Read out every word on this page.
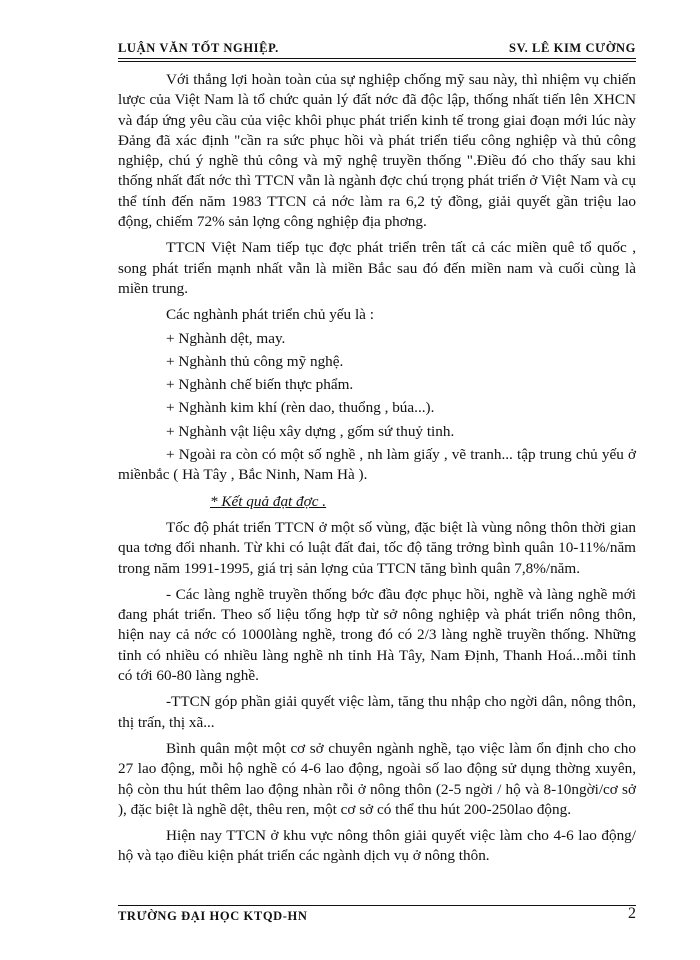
LUẬN VĂN TỐT NGHIỆP.	SV. LÊ KIM CƯỜNG

Với thắng lợi hoàn toàn của sự nghiệp chống mỹ sau này, thì nhiệm vụ chiến lược của Việt Nam là tổ chức quản lý đất nớc đã độc lập, thống nhất tiến lên XHCN và đáp ứng yêu cầu của việc khôi phục phát triển kinh tế trong giai đoạn mới lúc này Đảng đã xác định "cần ra sức phục hồi và phát triển tiểu công nghiệp và thủ công nghiệp, chú ý nghề thủ công và mỹ nghệ truyền thống ".Điều đó cho thấy sau khi thống nhất đất nớc thì TTCN vẫn là ngành đợc chú trọng phát triển ở Việt Nam và cụ thể tính đến năm 1983 TTCN cả nớc làm ra 6,2 tỷ đồng, giải quyết gần triệu lao động, chiếm 72% sản lợng công nghiệp địa phơng.

TTCN Việt Nam tiếp tục đợc phát triển trên tất cả các miền quê tổ quốc , song phát triển mạnh nhất vẫn là miền Bắc sau đó đến miền nam và cuối cùng là miền trung.

Các nghành phát triển chủ yếu là :

+ Nghành dệt, may.

+ Nghành thủ công mỹ nghệ.

+ Nghành chế biến thực phẩm.

+ Nghành kim khí (rèn dao, thuổng , búa...).

+ Nghành vật liệu xây dựng , gốm sứ thuỷ tinh.

+ Ngoài ra còn có một số nghề , nh làm giấy , vẽ tranh... tập trung chủ yếu ở miềnbắc ( Hà Tây , Bắc Ninh, Nam Hà ).

* Kết quả đạt đợc .

Tốc độ phát triển TTCN ở một số vùng, đặc biệt là vùng nông thôn thời gian qua tơng đối nhanh. Từ khi có luật đất đai, tốc độ tăng trởng bình quân 10-11%/năm trong năm 1991-1995, giá trị sản lợng của TTCN tăng bình quân 7,8%/năm.

- Các làng nghề truyền thống bớc đầu đợc phục hồi, nghề và làng nghề mới đang phát triển. Theo số liệu tổng hợp từ sở nông nghiệp và phát triển nông thôn, hiện nay cả nớc có 1000làng nghề, trong đó có 2/3 làng nghề truyền thống. Những tỉnh có nhiều có nhiều làng nghề nh tỉnh Hà Tây, Nam Định, Thanh Hoá...mỗi tỉnh có tới 60-80 làng nghề.

-TTCN góp phần giải quyết việc làm, tăng thu nhập cho ngời dân, nông thôn, thị trấn, thị xã...

Bình quân một một cơ sở chuyên ngành nghề, tạo việc làm ổn định cho cho 27 lao động, mỗi hộ nghề có 4-6 lao động, ngoài số lao động sử dụng thờng xuyên, hộ còn thu hút thêm lao động nhàn rỗi ở nông thôn (2-5 ngời / hộ và 8-10ngời/cơ sở ), đặc biệt là nghề dệt, thêu ren, một cơ sở có thể thu hút 200-250lao động.

Hiện nay TTCN ở khu vực nông thôn giải quyết việc làm cho 4-6 lao động/ hộ và tạo điều kiện phát triển các ngành dịch vụ ở nông thôn.

TRƯỜNG ĐẠI HỌC KTQD-HN	2
